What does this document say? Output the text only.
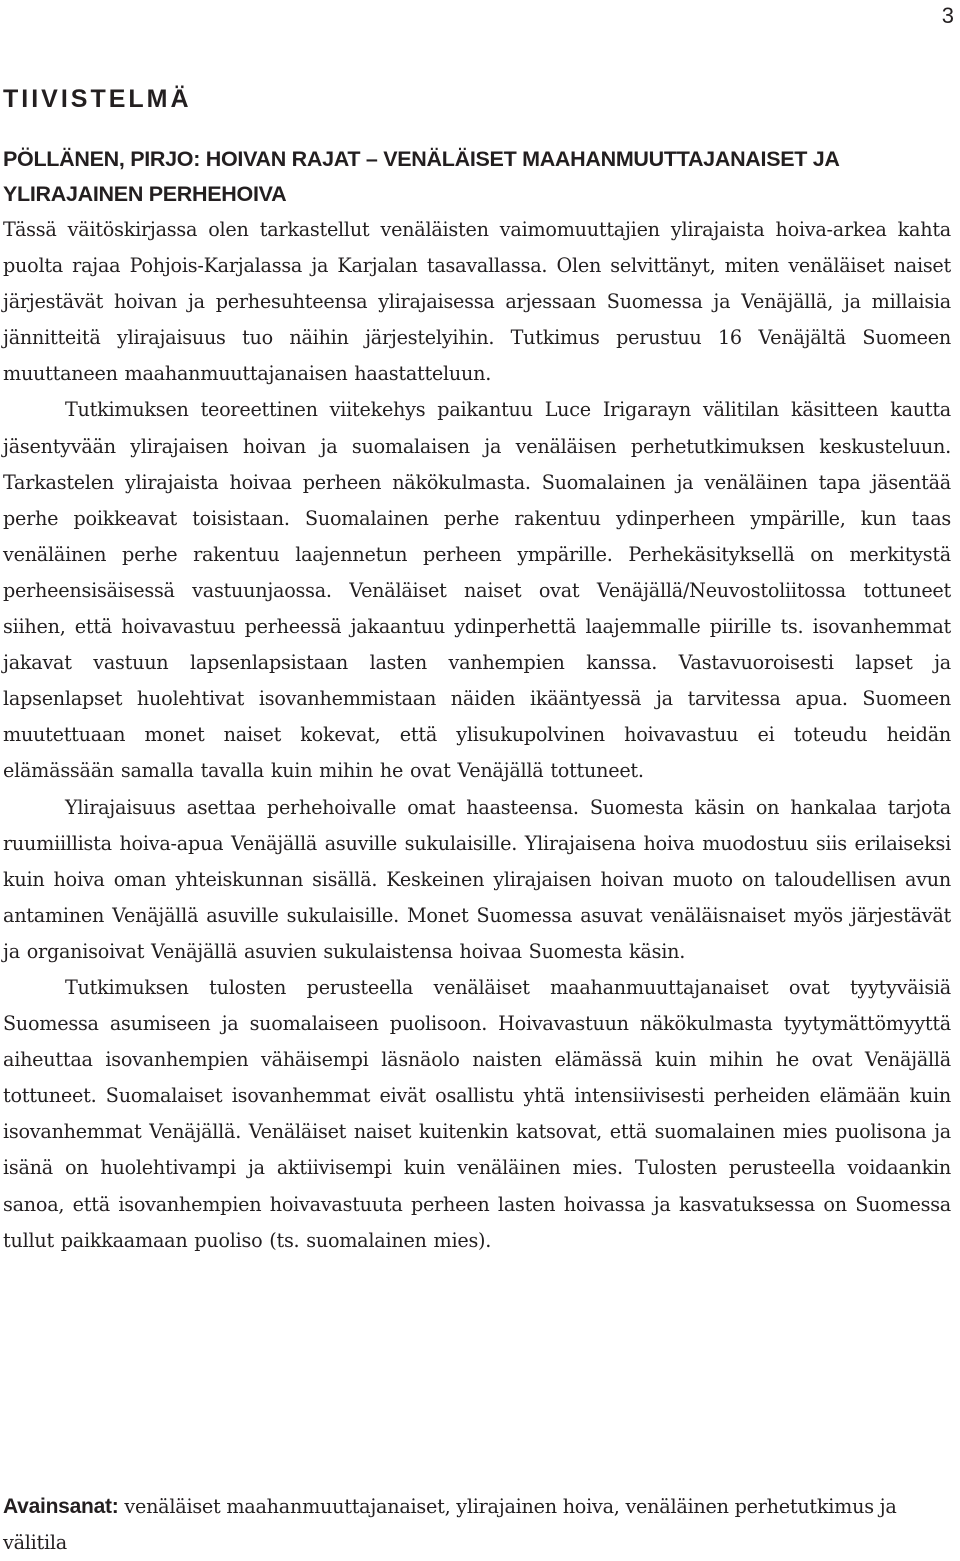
3
TIIVISTELMÄ
PÖLLÄNEN, PIRJO: HOIVAN RAJAT – VENÄLÄISET MAAHANMUUTTAJANAISET JA YLIRAJAINEN PERHEHOIVA

Tässä väitöskirjassa olen tarkastellut venäläisten vaimomuuttajien ylirajaista hoiva-arkea kahta puolta rajaa Pohjois-Karjalassa ja Karjalan tasavallassa. Olen selvittänyt, miten venäläiset naiset järjestävät hoivan ja perhesuhteensa ylirajaisessa arjessaan Suomessa ja Venäjällä, ja millaisia jännitteitä ylirajaisuus tuo näihin järjestelyihin. Tutkimus perustuu 16 Venäjältä Suomeen muuttaneen maahanmuuttajanaisen haastatteluun.

Tutkimuksen teoreettinen viitekehys paikantuu Luce Irigarayn välitilan käsitteen kautta jäsentyvään ylirajaisen hoivan ja suomalaisen ja venäläisen perhetutkimuksen keskusteluun. Tarkastelen ylirajaista hoivaa perheen näkökulmasta. Suomalainen ja venäläinen tapa jäsentää perhe poikkeavat toisistaan. Suomalainen perhe rakentuu ydinperheen ympärille, kun taas venäläinen perhe rakentuu laajennetun perheen ympärille. Perhekäsityksellä on merkitystä perheensisäisessä vastuunjaossa. Venäläiset naiset ovat Venäjällä/Neuvostoliitossa tottuneet siihen, että hoivavastuu perheessä jakaantuu ydinperhettä laajemmalle piirille ts. isovanhemmat jakavat vastuun lapsenlapsistaan lasten vanhempien kanssa. Vastavuoroisesti lapset ja lapsenlapset huolehtivat isovanhemmistaan näiden ikääntyessä ja tarvitessa apua. Suomeen muutettuaan monet naiset kokevat, että ylisukupolvinen hoivavastuu ei toteudu heidän elämässään samalla tavalla kuin mihin he ovat Venäjällä tottuneet.

Ylirajaisuus asettaa perhehoivalle omat haasteensa. Suomesta käsin on hankalaa tarjota ruumiillista hoiva-apua Venäjällä asuville sukulaisille. Ylirajaisena hoiva muodostuu siis erilaiseksi kuin hoiva oman yhteiskunnan sisällä. Keskeinen ylirajaisen hoivan muoto on taloudellisen avun antaminen Venäjällä asuville sukulaisille. Monet Suomessa asuvat venäläisnaiset myös järjestävät ja organisoivat Venäjällä asuvien sukulaistensa hoivaa Suomesta käsin.

Tutkimuksen tulosten perusteella venäläiset maahanmuuttajanaiset ovat tyytyväisiä Suomessa asumiseen ja suomalaiseen puolisoon. Hoivavastuun näkökulmasta tyytymättömyyttä aiheuttaa isovanhempien vähäisempi läsnäolo naisten elämässä kuin mihin he ovat Venäjällä tottuneet. Suomalaiset isovanhemmat eivät osallistu yhtä intensiivisesti perheiden elämään kuin isovanhemmat Venäjällä. Venäläiset naiset kuitenkin katsovat, että suomalainen mies puolisona ja isänä on huolehtivampi ja aktiivisempi kuin venäläinen mies. Tulosten perusteella voidaankin sanoa, että isovanhempien hoivavastuuta perheen lasten hoivassa ja kasvatuksessa on Suomessa tullut paikkaamaan puoliso (ts. suomalainen mies).

Avainsanat: venäläiset maahanmuuttajanaiset, ylirajainen hoiva, venäläinen perhetutkimus ja välitila
